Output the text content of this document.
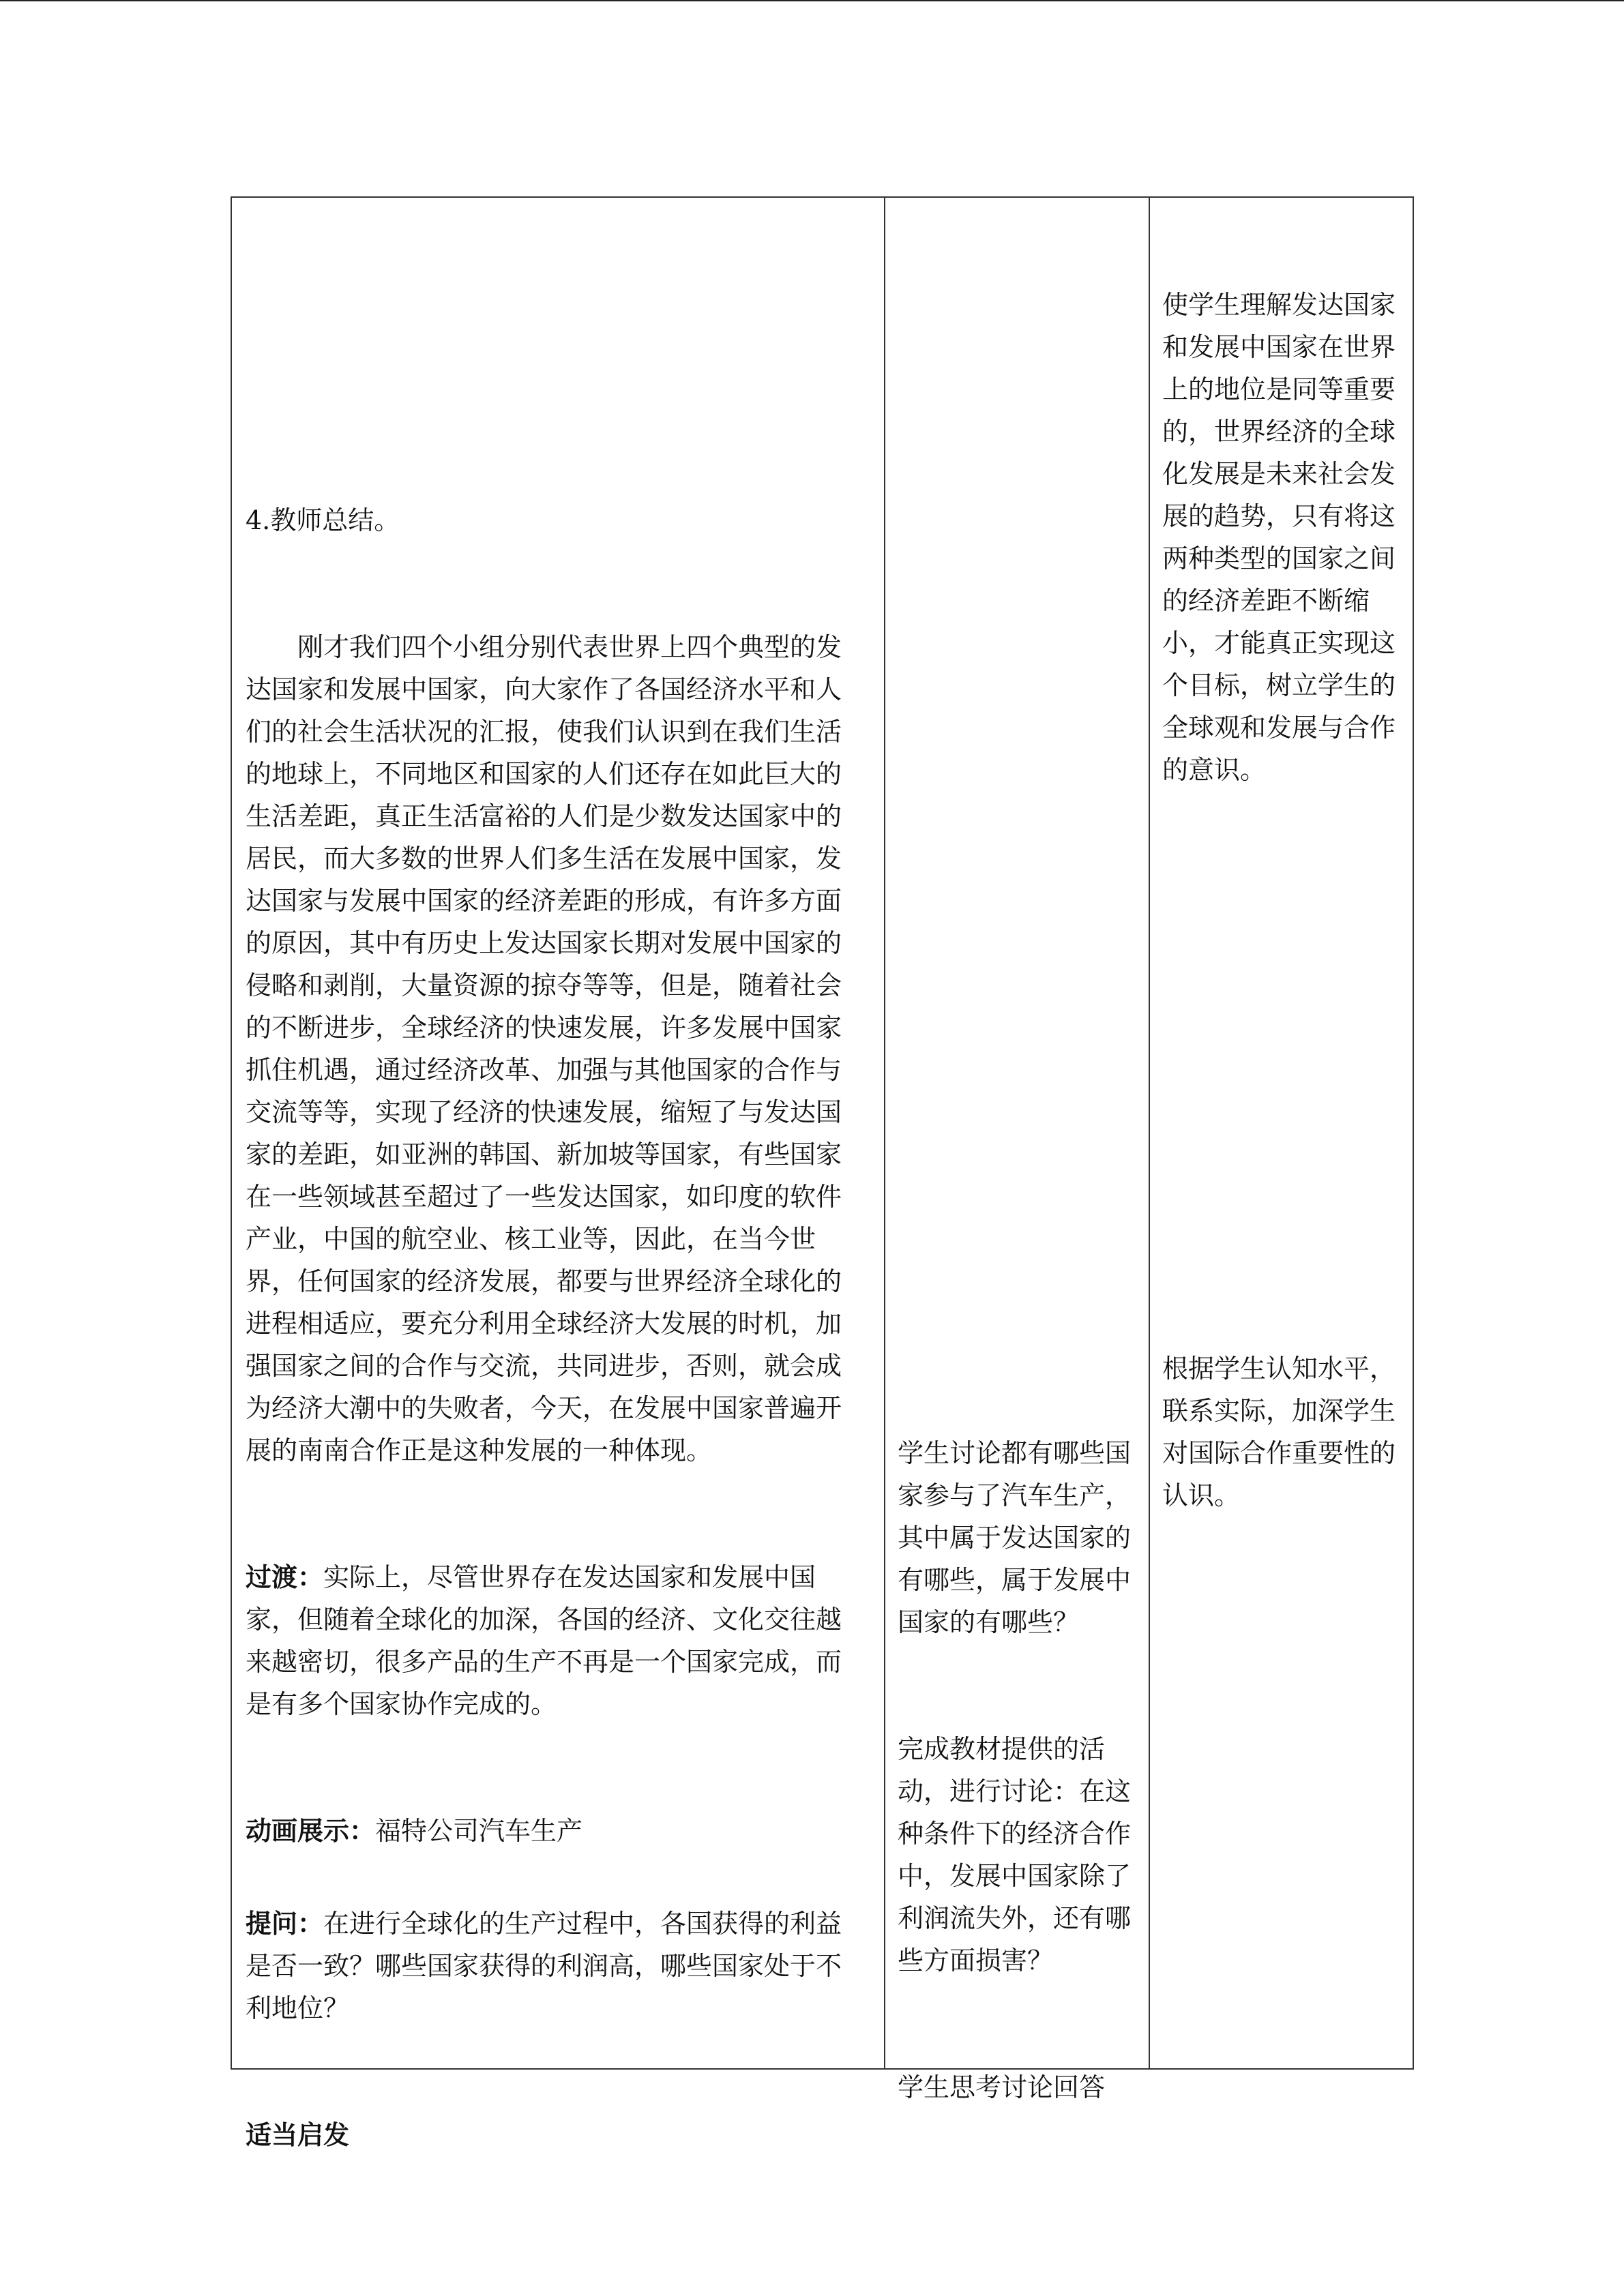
4.教师总结。

刚才我们四个小组分别代表世界上四个典型的发达国家和发展中国家，向大家作了各国经济水平和人们的社会生活状况的汇报，使我们认识到在我们生活的地球上，不同地区和国家的人们还存在如此巨大的生活差距，真正生活富裕的人们是少数发达国家中的居民，而大多数的世界人们多生活在发展中国家，发达国家与发展中国家的经济差距的形成，有许多方面的原因，其中有历史上发达国家长期对发展中国家的侵略和剥削，大量资源的掠夺等等，但是，随着社会的不断进步，全球经济的快速发展，许多发展中国家抓住机遇，通过经济改革、加强与其他国家的合作与交流等等，实现了经济的快速发展，缩短了与发达国家的差距，如亚洲的韩国、新加坡等国家，有些国家在一些领域甚至超过了一些发达国家，如印度的软件产业，中国的航空业、核工业等，因此，在当今世界，任何国家的经济发展，都要与世界经济全球化的进程相适应，要充分利用全球经济大发展的时机，加强国家之间的合作与交流，共同进步，否则，就会成为经济大潮中的失败者，今天，在发展中国家普遍开展的南南合作正是这种发展的一种体现。

过渡：实际上，尽管世界存在发达国家和发展中国家，但随着全球化的加深，各国的经济、文化交往越来越密切，很多产品的生产不再是一个国家完成，而是有多个国家协作完成的。

动画展示：福特公司汽车生产

提问：在进行全球化的生产过程中，各国获得的利益是否一致？哪些国家获得的利润高，哪些国家处于不利地位？

适当启发

学生讨论都有哪些国家参与了汽车生产，其中属于发达国家的有哪些，属于发展中国家的有哪些？

完成教材提供的活动，进行讨论：在这种条件下的经济合作中，发展中国家除了利润流失外，还有哪些方面损害？

学生思考讨论回答

使学生理解发达国家和发展中国家在世界上的地位是同等重要的，世界经济的全球化发展是未来社会发展的趋势，只有将这两种类型的国家之间的经济差距不断缩小，才能真正实现这个目标，树立学生的全球观和发展与合作的意识。
根据学生认知水平，联系实际，加深学生对国际合作重要性的认识。
